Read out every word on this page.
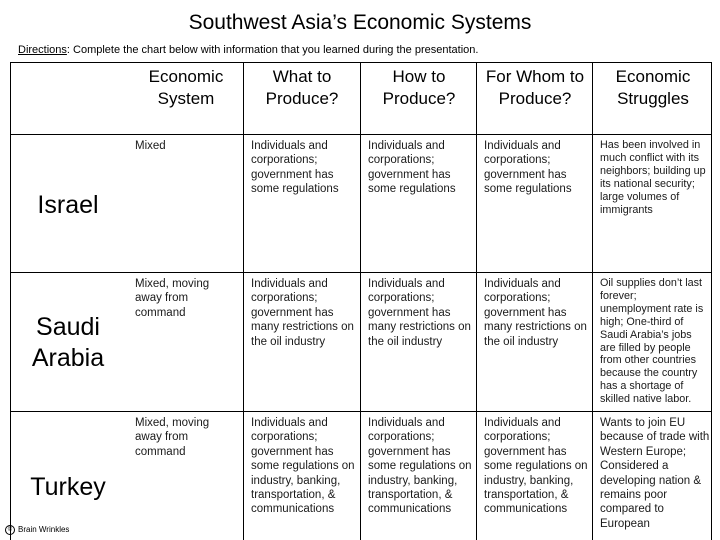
Southwest Asia’s Economic Systems
Directions: Complete the chart below with information that you learned during the presentation.
Economic System
What to Produce?
How to Produce?
For Whom to Produce?
Economic Struggles
Israel
Mixed	Individuals and corporations; government has some regulations
Individuals and corporations; government has some regulations
Individuals and corporations; government has some regulations
Has been involved in much conflict with its neighbors; building up its national security; large volumes of immigrants
Saudi Arabia
Mixed, moving away from command
Individuals and corporations; government has many restrictions on the oil industry
Individuals and corporations; government has many restrictions on the oil industry
Individuals and corporations; government has many restrictions on the oil industry
Oil supplies don’t last forever; unemployment rate is high; One-third of Saudi Arabia’s jobs are filled by people from other countries because the country has a shortage of skilled native labor.
Turkey
Mixed, moving away from command
Individuals and corporations; government has some regulations on industry, banking, transportation, & communications
Individuals and corporations; government has some regulations on industry, banking, transportation, & communications
Individuals and corporations; government has some regulations on industry, banking, transportation, & communications
Wants to join EU because of trade with Western Europe; Considered a developing nation & remains poor compared to European
© Brain Wrinkles
